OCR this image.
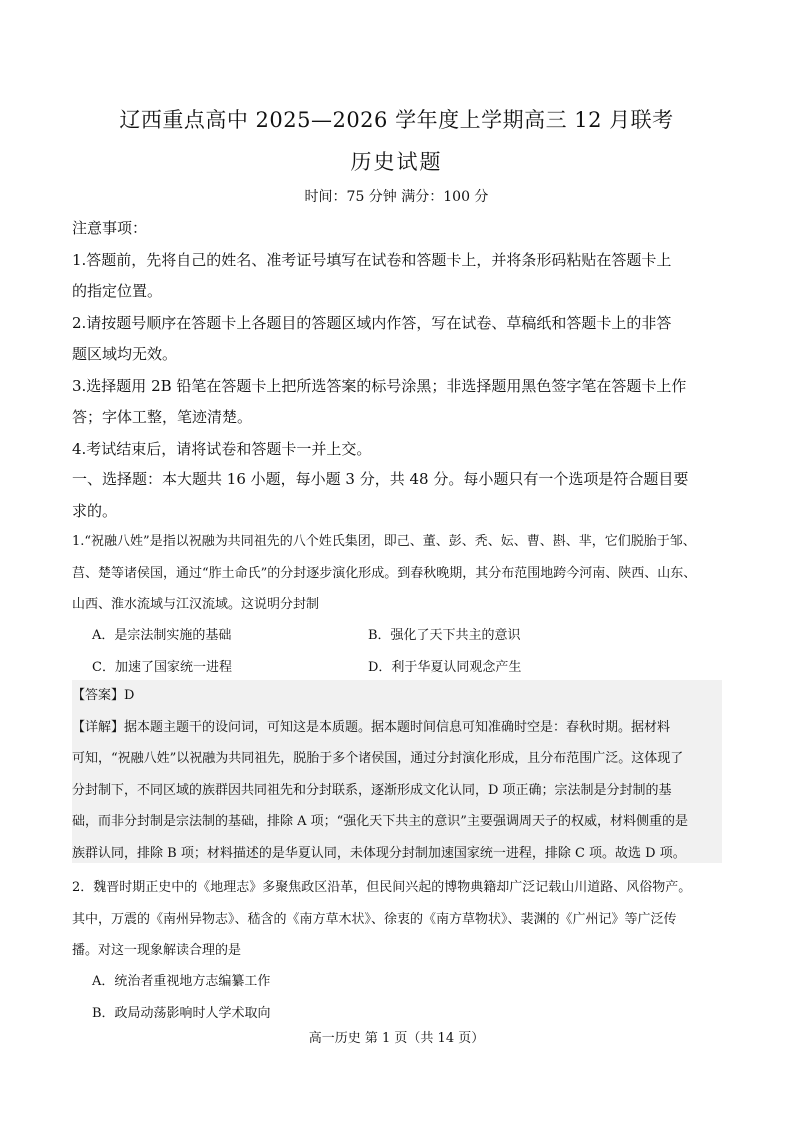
辽西重点高中 2025—2026 学年度上学期高三 12 月联考
历史试题
时间：75 分钟 满分：100 分

注意事项：

1.答题前，先将自己的姓名、准考证号填写在试卷和答题卡上，并将条形码粘贴在答题卡上

的指定位置。

2.请按题号顺序在答题卡上各题目的答题区域内作答，写在试卷、草稿纸和答题卡上的非答

题区域均无效。

3.选择题用 2B 铅笔在答题卡上把所选答案的标号涂黑；非选择题用黑色签字笔在答题卡上作

答；字体工整，笔迹清楚。

4.考试结束后，请将试卷和答题卡一并上交。

一、选择题：本大题共 16 小题，每小题 3 分，共 48 分。每小题只有一个选项是符合题目要

求的。

1.“祝融八姓”是指以祝融为共同祖先的八个姓氏集团，即己、董、彭、秃、妘、曹、斟、芈，它们脱胎于邹、

莒、楚等诸侯国，通过“胙土命氏”的分封逐步演化形成。到春秋晚期，其分布范围地跨今河南、陕西、山东、

山西、淮水流域与江汉流域。这说明分封制

A．是宗法制实施的基础	B．强化了天下共主的意识
C．加速了国家统一进程	D．利于华夏认同观念产生

【答案】D

【详解】据本题主题干的设问词，可知这是本质题。据本题时间信息可知准确时空是：春秋时期。据材料

可知，“祝融八姓”以祝融为共同祖先，脱胎于多个诸侯国，通过分封演化形成，且分布范围广泛。这体现了

分封制下，不同区域的族群因共同祖先和分封联系，逐渐形成文化认同，D 项正确；宗法制是分封制的基

础，而非分封制是宗法制的基础，排除 A 项；“强化天下共主的意识”主要强调周天子的权威，材料侧重的是

族群认同，排除 B 项；材料描述的是华夏认同，未体现分封制加速国家统一进程，排除 C 项。故选 D 项。

2．魏晋时期正史中的《地理志》多聚焦政区沿革，但民间兴起的博物典籍却广泛记载山川道路、风俗物产。

其中，万震的《南州异物志》、嵇含的《南方草木状》、徐衷的《南方草物状》、裴渊的《广州记》等广泛传

播。对这一现象解读合理的是

A．统治者重视地方志编纂工作

B．政局动荡影响时人学术取向

高一历史 第 1 页（共 14 页）
